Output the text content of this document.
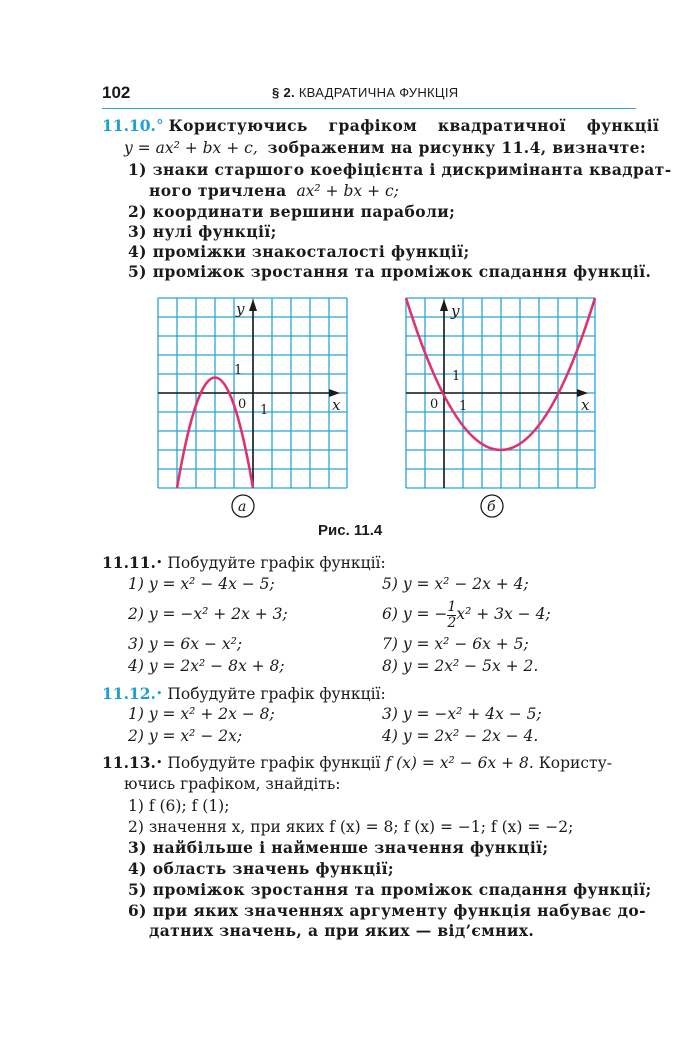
102	§ 2. КВАДРАТИЧНА ФУНКЦІЯ
11.10.° Користуючись графіком квадратичної функції
y = ax² + bx + c, зображеним на рисунку 11.4, визначте:
1) знаки старшого коефіцієнта і дискримінанта квадрат-
ного тричлена ax² + bx + c;
2) координати вершини параболи;
3) нулі функції;
4) проміжки знакосталості функції;
5) проміжок зростання та проміжок спадання функції.
y
x
1
1
0
а
y
x
1
1
0
б
Рис. 11.4
11.11.• Побудуйте графік функції:
1) y = x² − 4x − 5;
2) y = −x² + 2x + 3;
3) y = 6x − x²;
4) y = 2x² − 8x + 8;
5) y = x² − 2x + 4;
6) y = − $\frac{1}{2} x^2 + 3x - 4$;
7) y = x² − 6x + 5;
8) y = 2x² − 5x + 2.
11.12.• Побудуйте графік функції:
1) y = x² + 2x − 8;
2) y = x² − 2x;
3) y = −x² + 4x − 5;
4) y = 2x² − 2x − 4.
11.13.• Побудуйте графік функції f (x) = x² − 6x + 8. Користу-
ючись графіком, знайдіть:
1) f (6); f (1);
2) значення x, при яких f (x) = 8; f (x) = −1; f (x) = −2;
3) найбільше і найменше значення функції;
4) область значень функції;
5) проміжок зростання та проміжок спадання функції;
6) при яких значеннях аргументу функція набуває до-
датних значень, а при яких — від’ємних.
